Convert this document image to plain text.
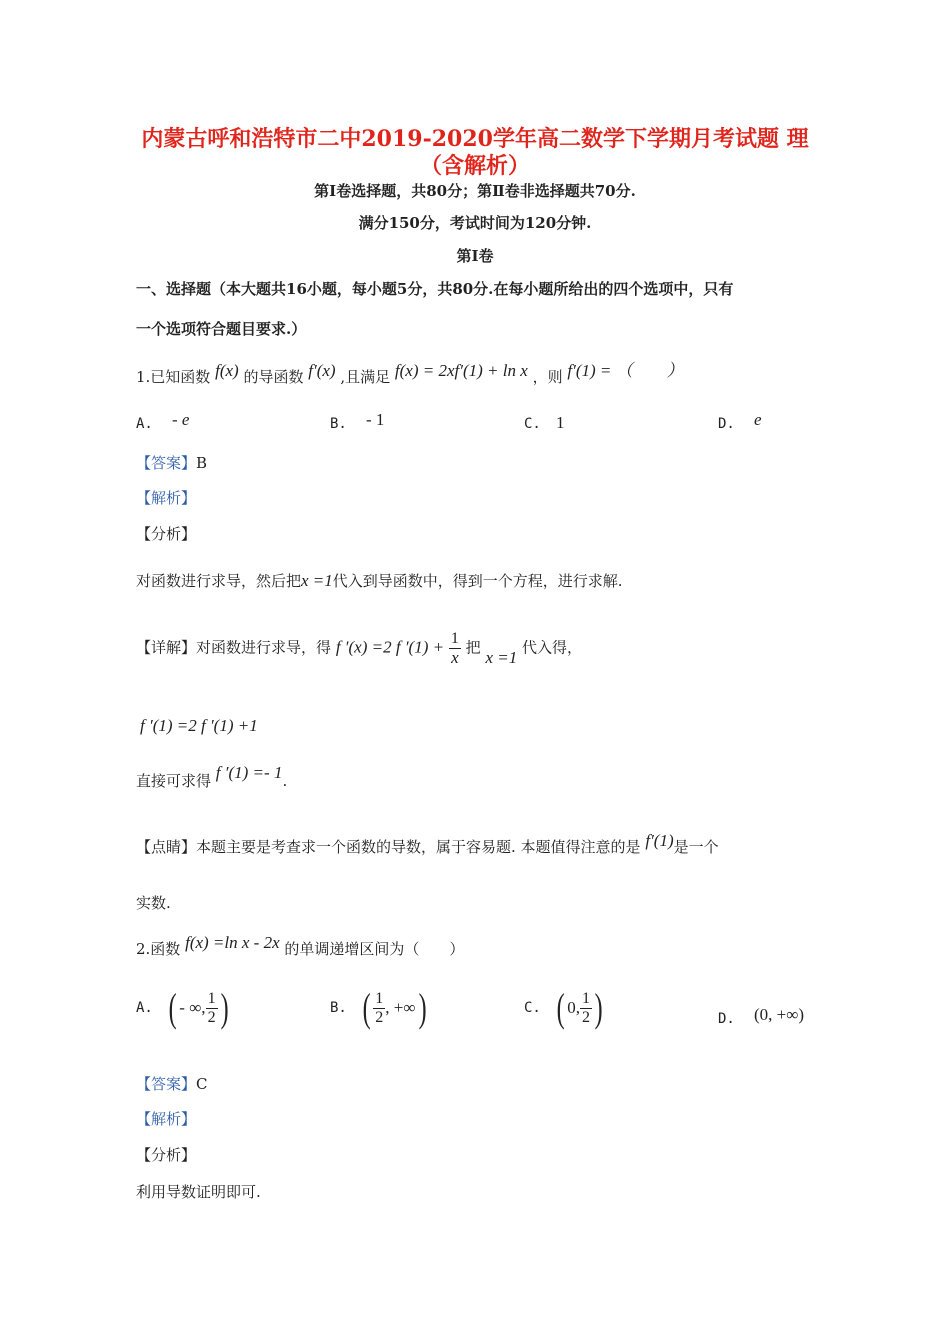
内蒙古呼和浩特市二中2019-2020学年高二数学下学期月考试题 理
（含解析）
第Ⅰ卷选择题，共80分；第Ⅱ卷非选择题共70分.
满分150分，考试时间为120分钟.
第Ⅰ卷
一、选择题（本大题共16小题，每小题5分，共80分.在每小题所给出的四个选项中，只有
一个选项符合题目要求.）
1.已知函数 f(x) 的导函数 f′(x) ,且满足 f(x) = 2xf′(1) + ln x ，则 f′(1) = （　　）
A. - e	B. - 1	C. 1	D. e
【答案】B
【解析】
【分析】
对函数进行求导，然后把x =1代入到导函数中，得到一个方程，进行求解.
【详解】对函数进行求导，得 f ′(x) =2 f $'(1) + \frac{1}{x}$ 把 x =1 代入得，
f ′(1) =2 f ′(1) +1
直接可求得 f ′(1) =- 1.
【点睛】本题主要是考查求一个函数的导数，属于容易题. 本题值得注意的是 f′(1)是一个
实数.
2.函数 f(x) =ln x - 2x 的单调递增区间为（　　）
A. ( - ∞, $\frac{1}{2}$ )	B. ( $\frac{1}{2}$ , +∞)	C. ( 0, $\frac{1}{2}$ )	D. (0, +∞)
【答案】C
【解析】
【分析】
利用导数证明即可.
